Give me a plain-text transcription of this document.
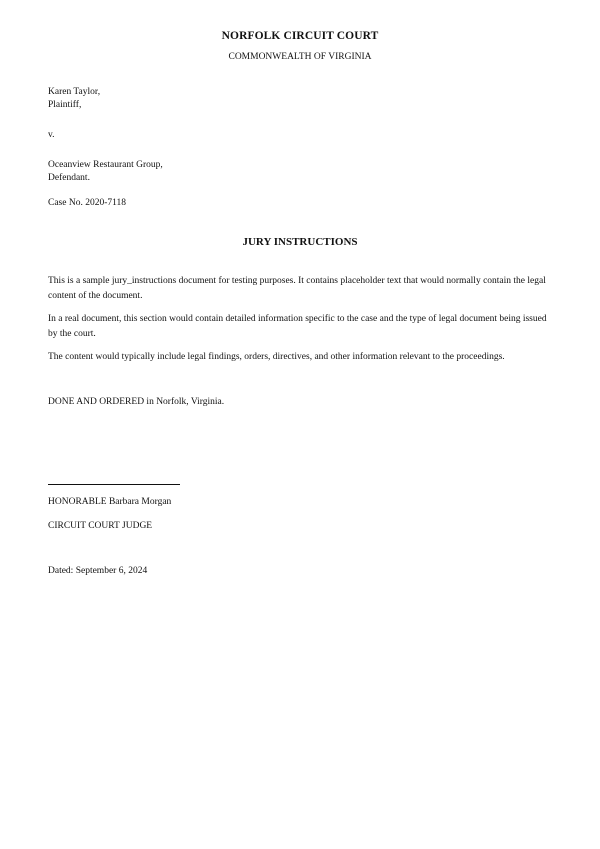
NORFOLK CIRCUIT COURT
COMMONWEALTH OF VIRGINIA
Karen Taylor,
Plaintiff,
v.
Oceanview Restaurant Group,
Defendant.
Case No. 2020-7118
JURY INSTRUCTIONS
This is a sample jury_instructions document for testing purposes. It contains placeholder text that would normally contain the legal content of the document.
In a real document, this section would contain detailed information specific to the case and the type of legal document being issued by the court.
The content would typically include legal findings, orders, directives, and other information relevant to the proceedings.
DONE AND ORDERED in Norfolk, Virginia.
HONORABLE Barbara Morgan
CIRCUIT COURT JUDGE
Dated: September 6, 2024
